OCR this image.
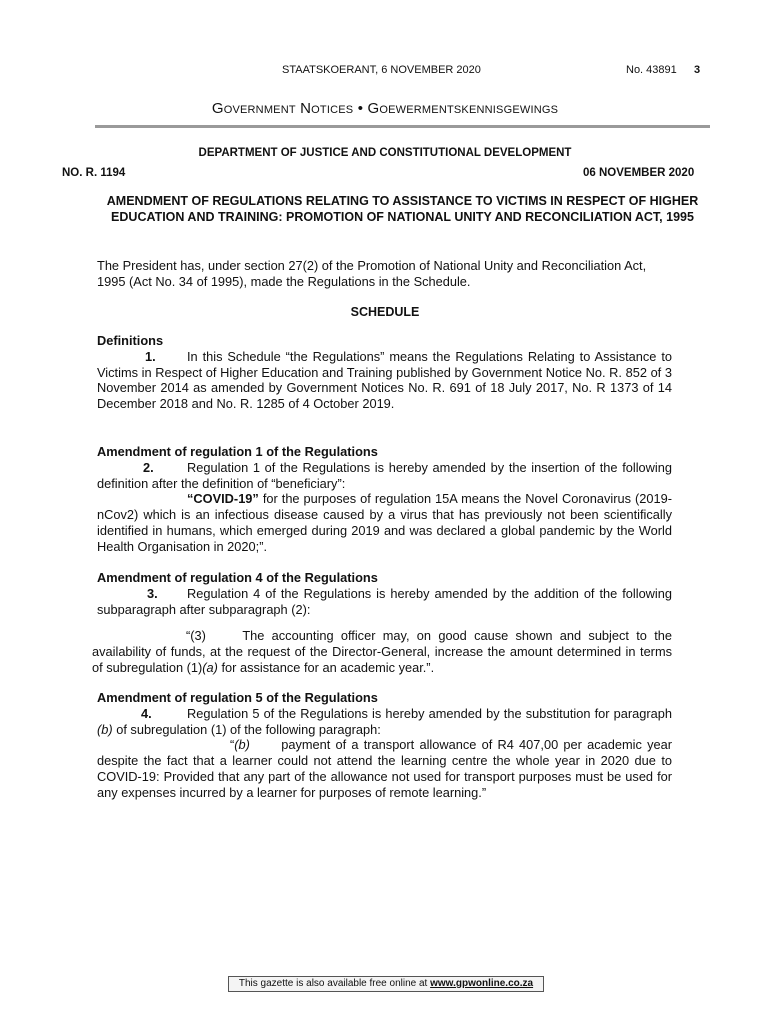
STAATSKOERANT, 6 NOVEMBER 2020	No. 43891 3
Government Notices • Goewermentskennisgewings
DEPARTMENT OF JUSTICE AND CONSTITUTIONAL DEVELOPMENT
NO. R. 1194	06 NOVEMBER 2020
AMENDMENT OF REGULATIONS RELATING TO ASSISTANCE TO VICTIMS IN RESPECT OF HIGHER EDUCATION AND TRAINING: PROMOTION OF NATIONAL UNITY AND RECONCILIATION ACT, 1995
The President has, under section 27(2) of the Promotion of National Unity and Reconciliation Act, 1995 (Act No. 34 of 1995), made the Regulations in the Schedule.
SCHEDULE
Definitions
1. In this Schedule “the Regulations” means the Regulations Relating to Assistance to Victims in Respect of Higher Education and Training published by Government Notice No. R. 852 of 3 November 2014 as amended by Government Notices No. R. 691 of 18 July 2017, No. R 1373 of 14 December 2018 and No. R. 1285 of 4 October 2019.
Amendment of regulation 1 of the Regulations
2.	Regulation 1 of the Regulations is hereby amended by the insertion of the following definition after the definition of “beneficiary”:
“COVID-19” for the purposes of regulation 15A means the Novel Coronavirus (2019-nCov2) which is an infectious disease caused by a virus that has previously not been scientifically identified in humans, which emerged during 2019 and was declared a global pandemic by the World Health Organisation in 2020;”.
Amendment of regulation 4 of the Regulations
3. Regulation 4 of the Regulations is hereby amended by the addition of the following subparagraph after subparagraph (2):
“(3)	The accounting officer may, on good cause shown and subject to the availability of funds, at the request of the Director-General, increase the amount determined in terms of subregulation (1)(a) for assistance for an academic year.”.
Amendment of regulation 5 of the Regulations
4.	Regulation 5 of the Regulations is hereby amended by the substitution for paragraph (b) of subregulation (1) of the following paragraph:
“(b) payment of a transport allowance of R4 407,00 per academic year despite the fact that a learner could not attend the learning centre the whole year in 2020 due to COVID-19: Provided that any part of the allowance not used for transport purposes must be used for any expenses incurred by a learner for purposes of remote learning.”
This gazette is also available free online at www.gpwonline.co.za
